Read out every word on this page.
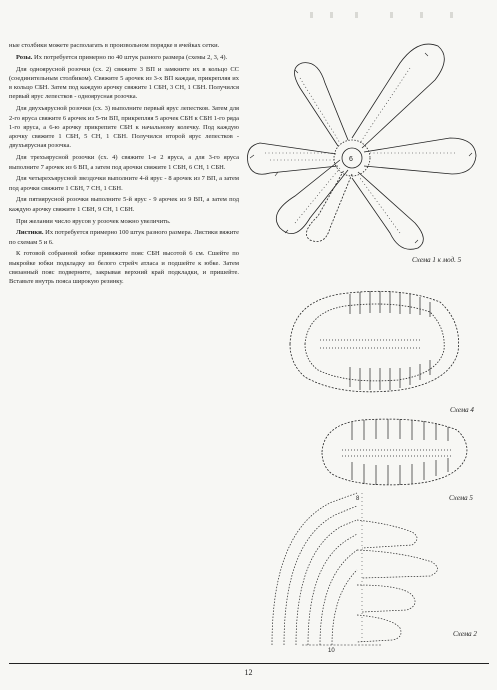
ные столбики можете располагать в произвольном порядке в ячейках сетки.

Розы. Их потребуется примерно по 40 штук разного размера (схемы 2, 3, 4).

Для одноярусной розочки (сх. 2) свяжите 3 ВП и замкните их в кольцо СС (соединительным столбиком). Свяжите 5 арочек из 3-х ВП каждая, прикрепляя их в кольцо СБН. Затем под каждую арочку свяжите 1 СБН, 3 СН, 1 СБН. Получился первый ярус лепестков - одноярусная розочка.

Для двухъярусной розочки (сх. 3) выполните первый ярус лепестков. Затем для 2-го яруса свяжите 6 арочек из 5-ти ВП, прикрепляя 5 арочек СБН к СБН 1-го ряда 1-го яруса, а 6-ю арочку прикрепите СБН к начальному колечку. Под каждую арочку свяжите 1 СБН, 5 СН, 1 СБН. Получился второй ярус лепестков - двухъярусная розочка.

Для трехъярусной розочки (сх. 4) свяжите 1-е 2 яруса, а для 3-го яруса выполните 7 арочек из 6 ВП, а затем под арочки свяжите 1 СБН, 6 СН, 1 СБН.

Для четырехъярусной звездочки выполните 4-й ярус - 8 арочек из 7 ВП, а затем под арочки свяжите 1 СБН, 7 СН, 1 СБН.

Для пятиярусной розочки выполните 5-й ярус - 9 арочек из 9 ВП, а затем под каждую арочку свяжите 1 СБН, 9 СН, 1 СБН.

При желании число ярусов у розочек можно увеличить.

Листики. Их потребуется примерно 100 штук разного размера. Листики вяжите по схемам 5 и 6.

К готовой собранной юбке привяжите пояс СБН высотой 6 см. Сшейте по выкройке юбки подкладку из белого стрейч атласа и подшейте к юбке. Затем связанный пояс подверните, закрывая верхний край подкладки, и пришейте. Вставьте внутрь пояса широкую резинку.

6
Схема 1 к мод. 5
Схема 4
Схема 5
8
10
Схема 2
12
